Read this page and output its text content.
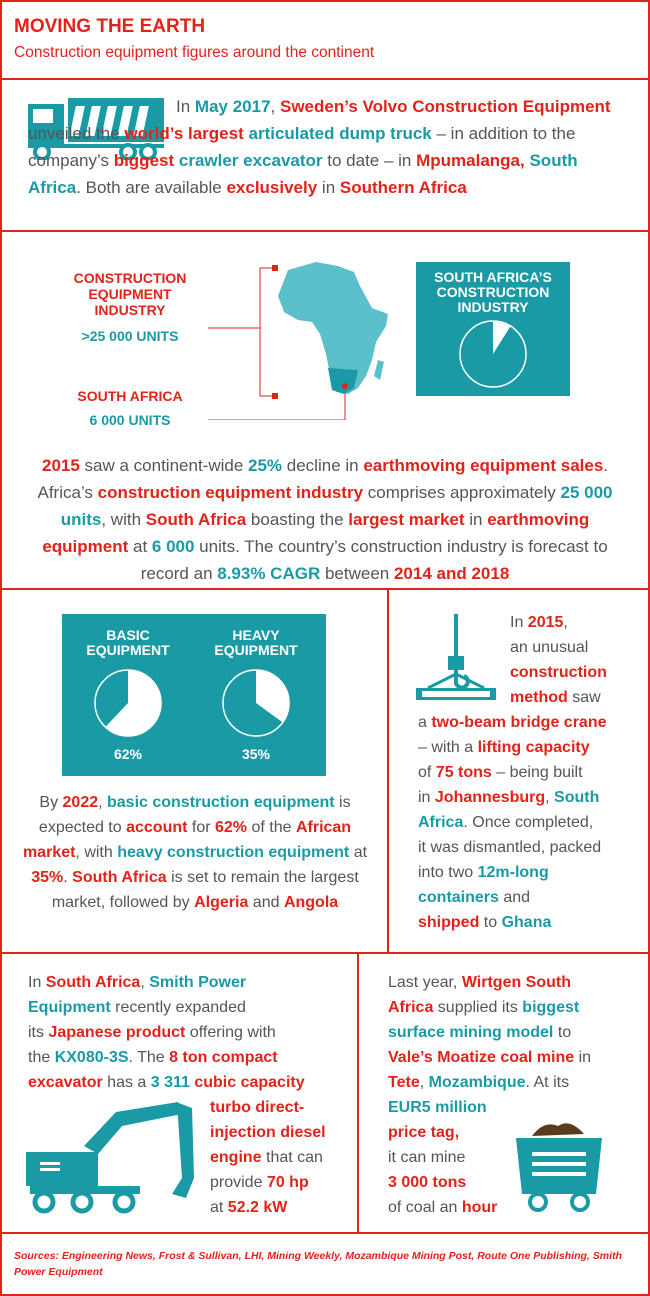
MOVING THE EARTH
Construction equipment figures around the continent

In May 2017, Sweden’s Volvo Construction Equipment unveiled the world’s largest articulated dump truck – in addition to the company’s biggest crawler excavator to date – in Mpumalanga, South Africa. Both are available exclusively in Southern Africa

CONSTRUCTION
EQUIPMENT
INDUSTRY
>25 000 UNITS
SOUTH AFRICA
6 000 UNITS
SOUTH AFRICA’S
CONSTRUCTION
INDUSTRY
CAGR 8.93%

2015 saw a continent-wide 25% decline in earthmoving equipment sales. Africa’s construction equipment industry comprises approximately 25 000 units, with South Africa boasting the largest market in earthmoving equipment at 6 000 units. The country’s construction industry is forecast to record an 8.93% CAGR between 2014 and 2018

BASIC
EQUIPMENT
62%
HEAVY
EQUIPMENT
35%

By 2022, basic construction equipment is expected to account for 62% of the African market, with heavy construction equipment at 35%. South Africa is set to remain the largest market, followed by Algeria and Angola

In 2015,
an unusual
construction
method saw
a two-beam bridge crane
– with a lifting capacity
of 75 tons – being built
in Johannesburg, South
Africa. Once completed,
it was dismantled, packed
into two 12m-long
containers and
shipped to Ghana
In South Africa, Smith Power
Equipment recently expanded
its Japanese product offering with
the KX080-3S. The 8 ton compact
excavator has a 3 311 cubic capacity
turbo direct-
injection diesel
engine that can
provide 70 hp
at 52.2 kW
Last year, Wirtgen South
Africa supplied its biggest
surface mining model to
Vale’s Moatize coal mine in
Tete, Mozambique. At its
EUR5 million
price tag,
it can mine
3 000 tons
of coal an hour
Sources: Engineering News, Frost & Sullivan, LHI, Mining Weekly, Mozambique Mining Post, Route One Publishing, Smith Power Equipment
